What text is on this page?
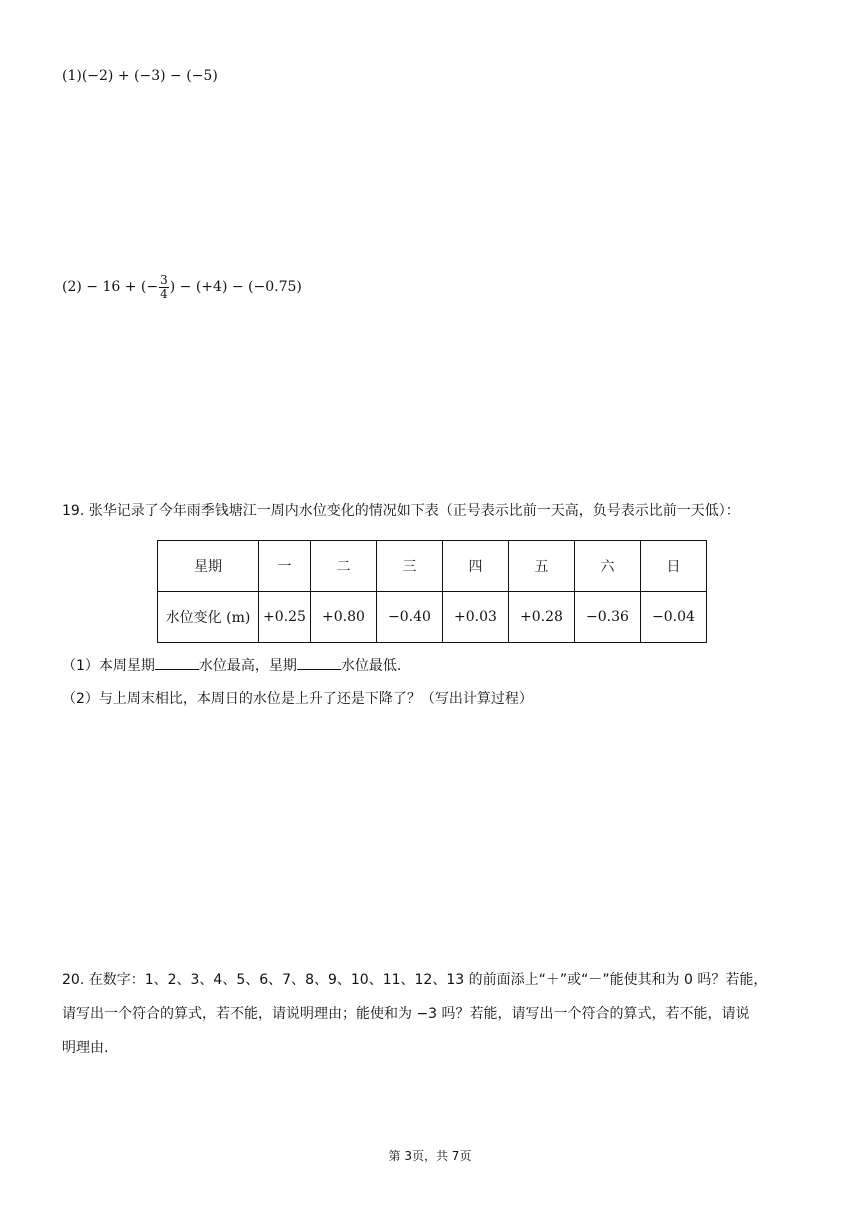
(1)(−2) + (−3) − (−5)
(2) − 16 + (− $\frac{3}{4}$ ) − (+4) − (−0.75)
19. 张华记录了今年雨季钱塘江一周内水位变化的情况如下表（正号表示比前一天高，负号表示比前一天低）：
星期	一	二	三	四	五	六	日
水位变化 (m)	+0.25	+0.80	−0.40	+0.03	+0.28	−0.36	−0.04
（1）本周星期	水位最高，星期	水位最低．
（2）与上周末相比，本周日的水位是上升了还是下降了？（写出计算过程）
20. 在数字：1、2、3、4、5、6、7、8、9、10、11、12、13 的前面添上“＋”或“－”能使其和为 0 吗？若能，
请写出一个符合的算式，若不能，请说明理由；能使和为 −3 吗？若能，请写出一个符合的算式，若不能，请说
明理由.
第 3页，共 7页
